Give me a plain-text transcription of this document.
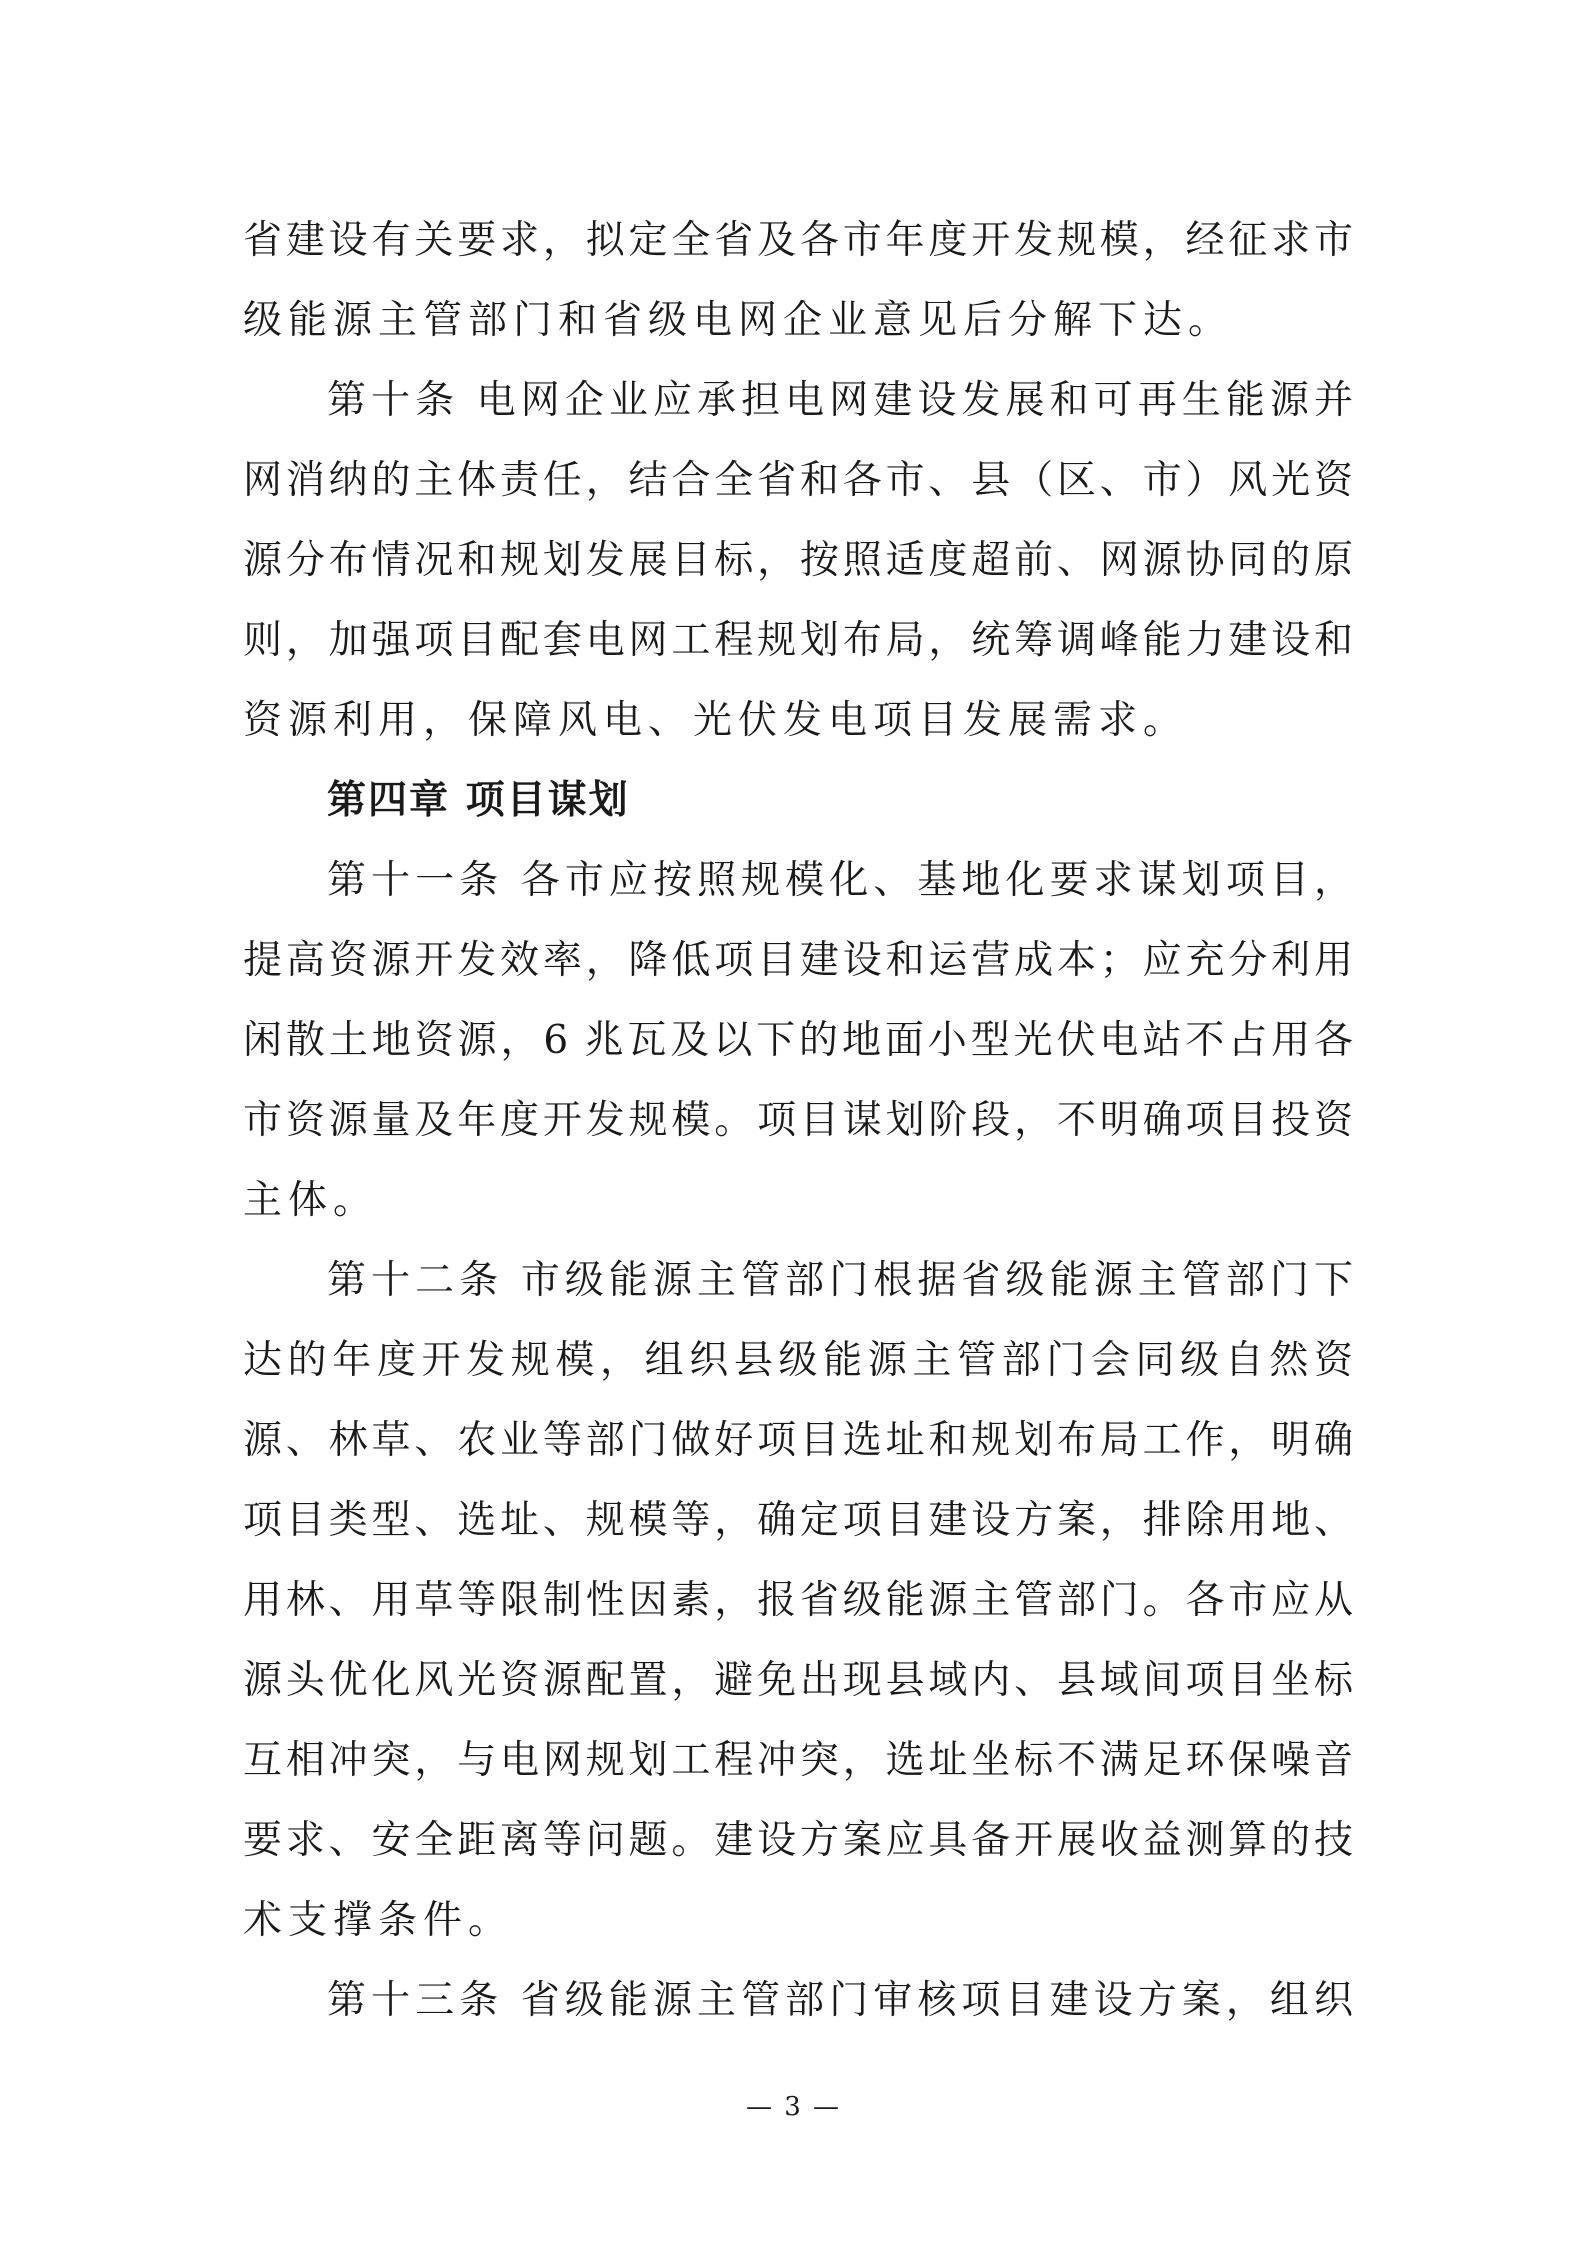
省建设有关要求，拟定全省及各市年度开发规模，经征求市
级能源主管部门和省级电网企业意见后分解下达。
第十条 电网企业应承担电网建设发展和可再生能源并
网消纳的主体责任，结合全省和各市、县（区、市）风光资
源分布情况和规划发展目标，按照适度超前、网源协同的原
则，加强项目配套电网工程规划布局，统筹调峰能力建设和
资源利用，保障风电、光伏发电项目发展需求。
第四章 项目谋划
第十一条 各市应按照规模化、基地化要求谋划项目，
提高资源开发效率，降低项目建设和运营成本；应充分利用
闲散土地资源，6 兆瓦及以下的地面小型光伏电站不占用各
市资源量及年度开发规模。项目谋划阶段，不明确项目投资
主体。
第十二条 市级能源主管部门根据省级能源主管部门下
达的年度开发规模，组织县级能源主管部门会同级自然资
源、林草、农业等部门做好项目选址和规划布局工作，明确
项目类型、选址、规模等，确定项目建设方案，排除用地、
用林、用草等限制性因素，报省级能源主管部门。各市应从
源头优化风光资源配置，避免出现县域内、县域间项目坐标
互相冲突，与电网规划工程冲突，选址坐标不满足环保噪音
要求、安全距离等问题。建设方案应具备开展收益测算的技
术支撑条件。
第十三条 省级能源主管部门审核项目建设方案，组织
— 3 —
